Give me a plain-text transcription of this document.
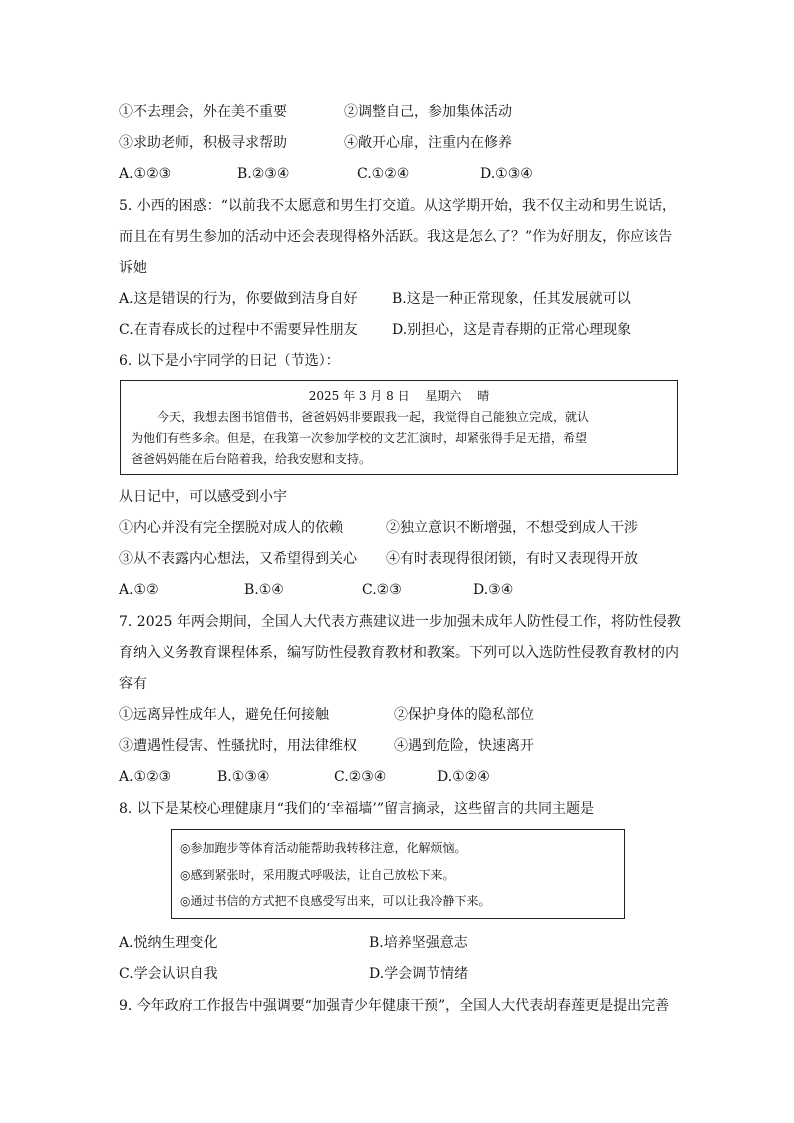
①不去理会，外在美不重要	②调整自己，参加集体活动
③求助老师，积极寻求帮助	④敞开心扉，注重内在修养
A.①②③	B.②③④	C.①②④	D.①③④
5. 小西的困惑：“以前我不太愿意和男生打交道。从这学期开始，我不仅主动和男生说话，
而且在有男生参加的活动中还会表现得格外活跃。我这是怎么了？”作为好朋友，你应该告
诉她
A.这是错误的行为，你要做到洁身自好 B.这是一种正常现象，任其发展就可以
C.在青春成长的过程中不需要异性朋友 D.别担心，这是青春期的正常心理现象
6. 以下是小宇同学的日记（节选）：
2025 年 3 月 8 日　 星期六　 晴
今天，我想去图书馆借书，爸爸妈妈非要跟我一起，我觉得自己能独立完成，就认
为他们有些多余。但是，在我第一次参加学校的文艺汇演时，却紧张得手足无措，希望
爸爸妈妈能在后台陪着我，给我安慰和支持。
从日记中，可以感受到小宇
①内心并没有完全摆脱对成人的依赖	②独立意识不断增强，不想受到成人干涉
③从不表露内心想法，又希望得到关心 ④有时表现得很闭锁，有时又表现得开放
A.①②	B.①④	C.②③	D.③④
7. 2025 年两会期间，全国人大代表方燕建议进一步加强未成年人防性侵工作，将防性侵教
育纳入义务教育课程体系，编写防性侵教育教材和教案。下列可以入选防性侵教育教材的内
容有
①远离异性成年人，避免任何接触	②保护身体的隐私部位
③遭遇性侵害、性骚扰时，用法律维权	④遇到危险，快速离开
A.①②③	B.①③④	C.②③④	D.①②④
8. 以下是某校心理健康月“我们的‘幸福墙’”留言摘录，这些留言的共同主题是
◎参加跑步等体育活动能帮助我转移注意，化解烦恼。
◎感到紧张时，采用腹式呼吸法，让自己放松下来。
◎通过书信的方式把不良感受写出来，可以让我冷静下来。
A.悦纳生理变化	B.培养坚强意志
C.学会认识自我	D.学会调节情绪
9. 今年政府工作报告中强调要“加强青少年健康干预”，全国人大代表胡春莲更是提出完善
